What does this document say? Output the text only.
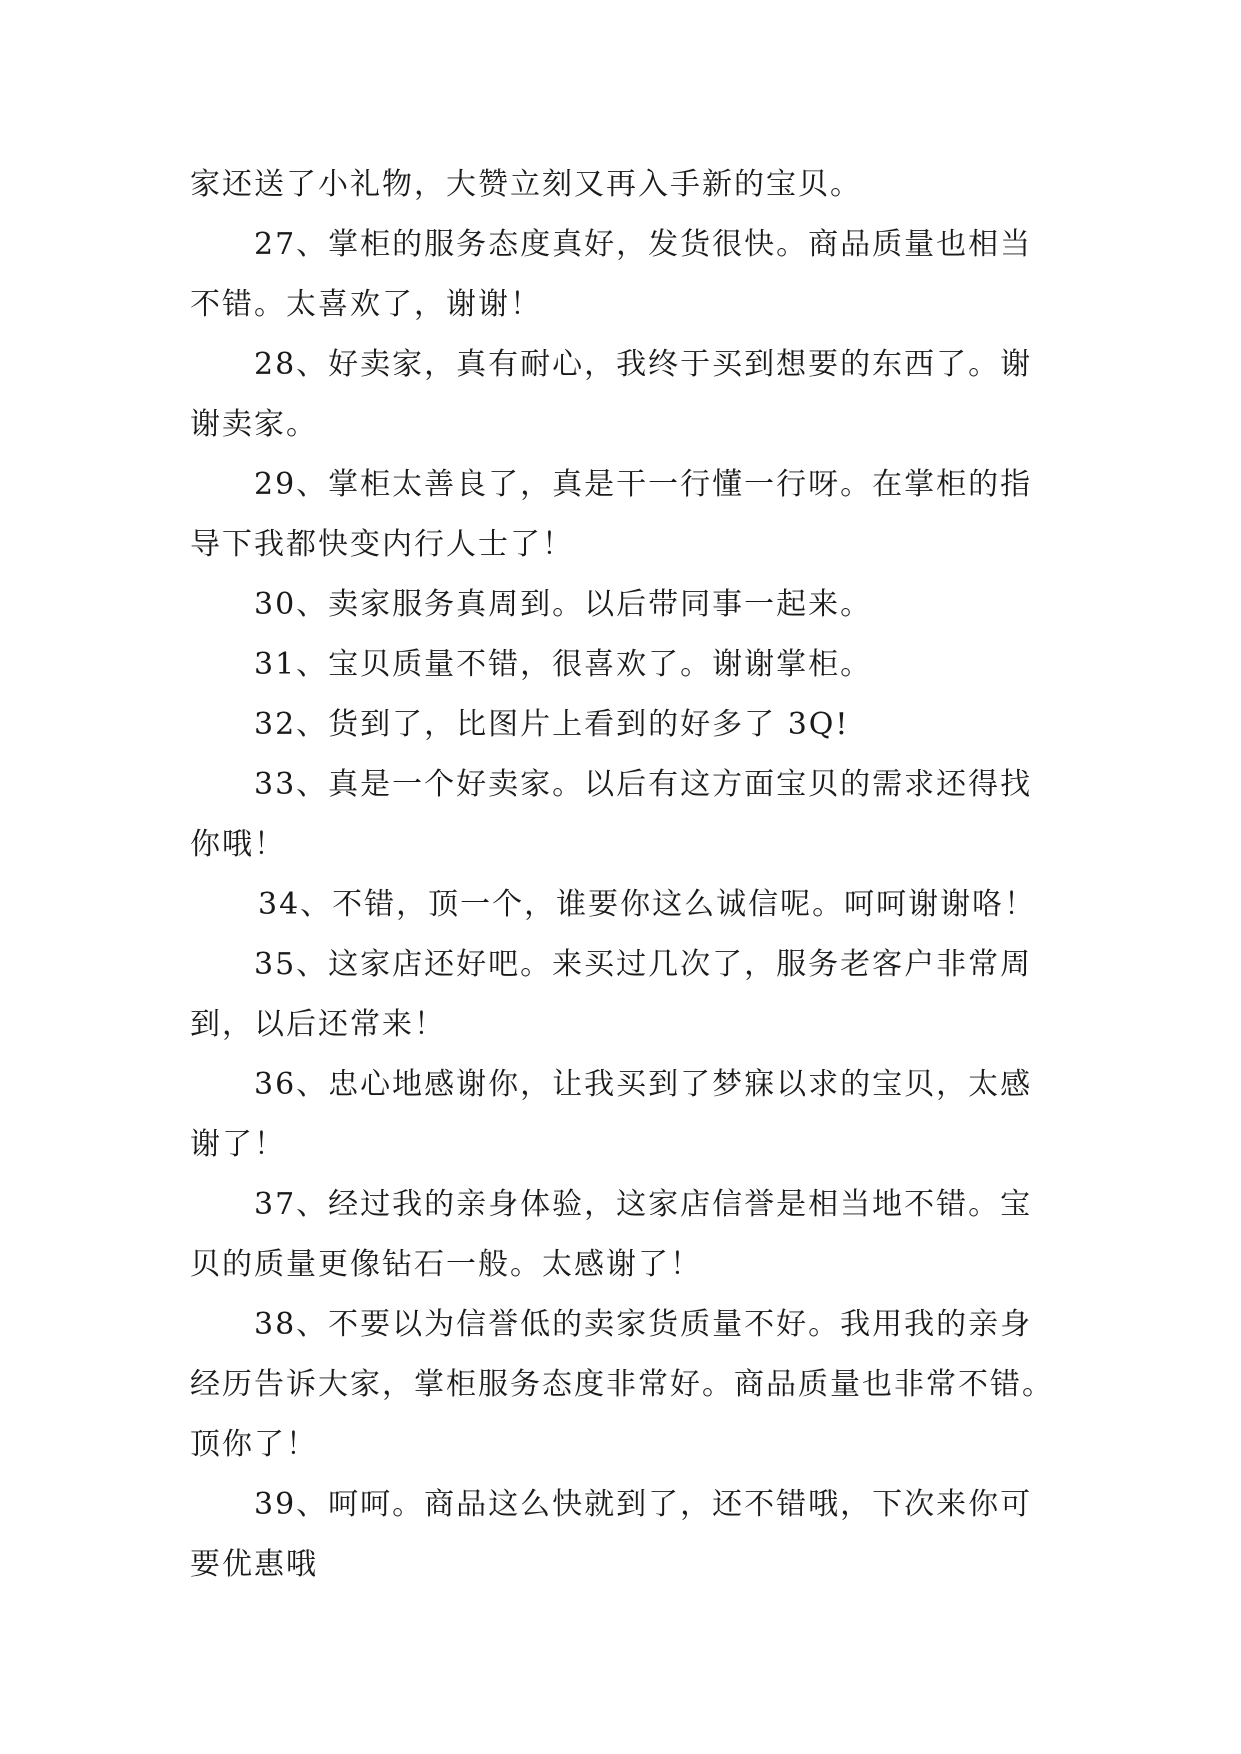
家还送了小礼物，大赞立刻又再入手新的宝贝。
27、掌柜的服务态度真好，发货很快。商品质量也相当
不错。太喜欢了，谢谢！
28、好卖家，真有耐心，我终于买到想要的东西了。谢
谢卖家。
29、掌柜太善良了，真是干一行懂一行呀。在掌柜的指
导下我都快变内行人士了！
30、卖家服务真周到。以后带同事一起来。
31、宝贝质量不错，很喜欢了。谢谢掌柜。
32、货到了，比图片上看到的好多了 3Q!
33、真是一个好卖家。以后有这方面宝贝的需求还得找
你哦！
34、不错，顶一个，谁要你这么诚信呢。呵呵谢谢咯！
35、这家店还好吧。来买过几次了，服务老客户非常周
到，以后还常来！
36、忠心地感谢你，让我买到了梦寐以求的宝贝，太感
谢了！
37、经过我的亲身体验，这家店信誉是相当地不错。宝
贝的质量更像钻石一般。太感谢了！
38、不要以为信誉低的卖家货质量不好。我用我的亲身
经历告诉大家，掌柜服务态度非常好。商品质量也非常不错。
顶你了！
39、呵呵。商品这么快就到了，还不错哦，下次来你可
要优惠哦
